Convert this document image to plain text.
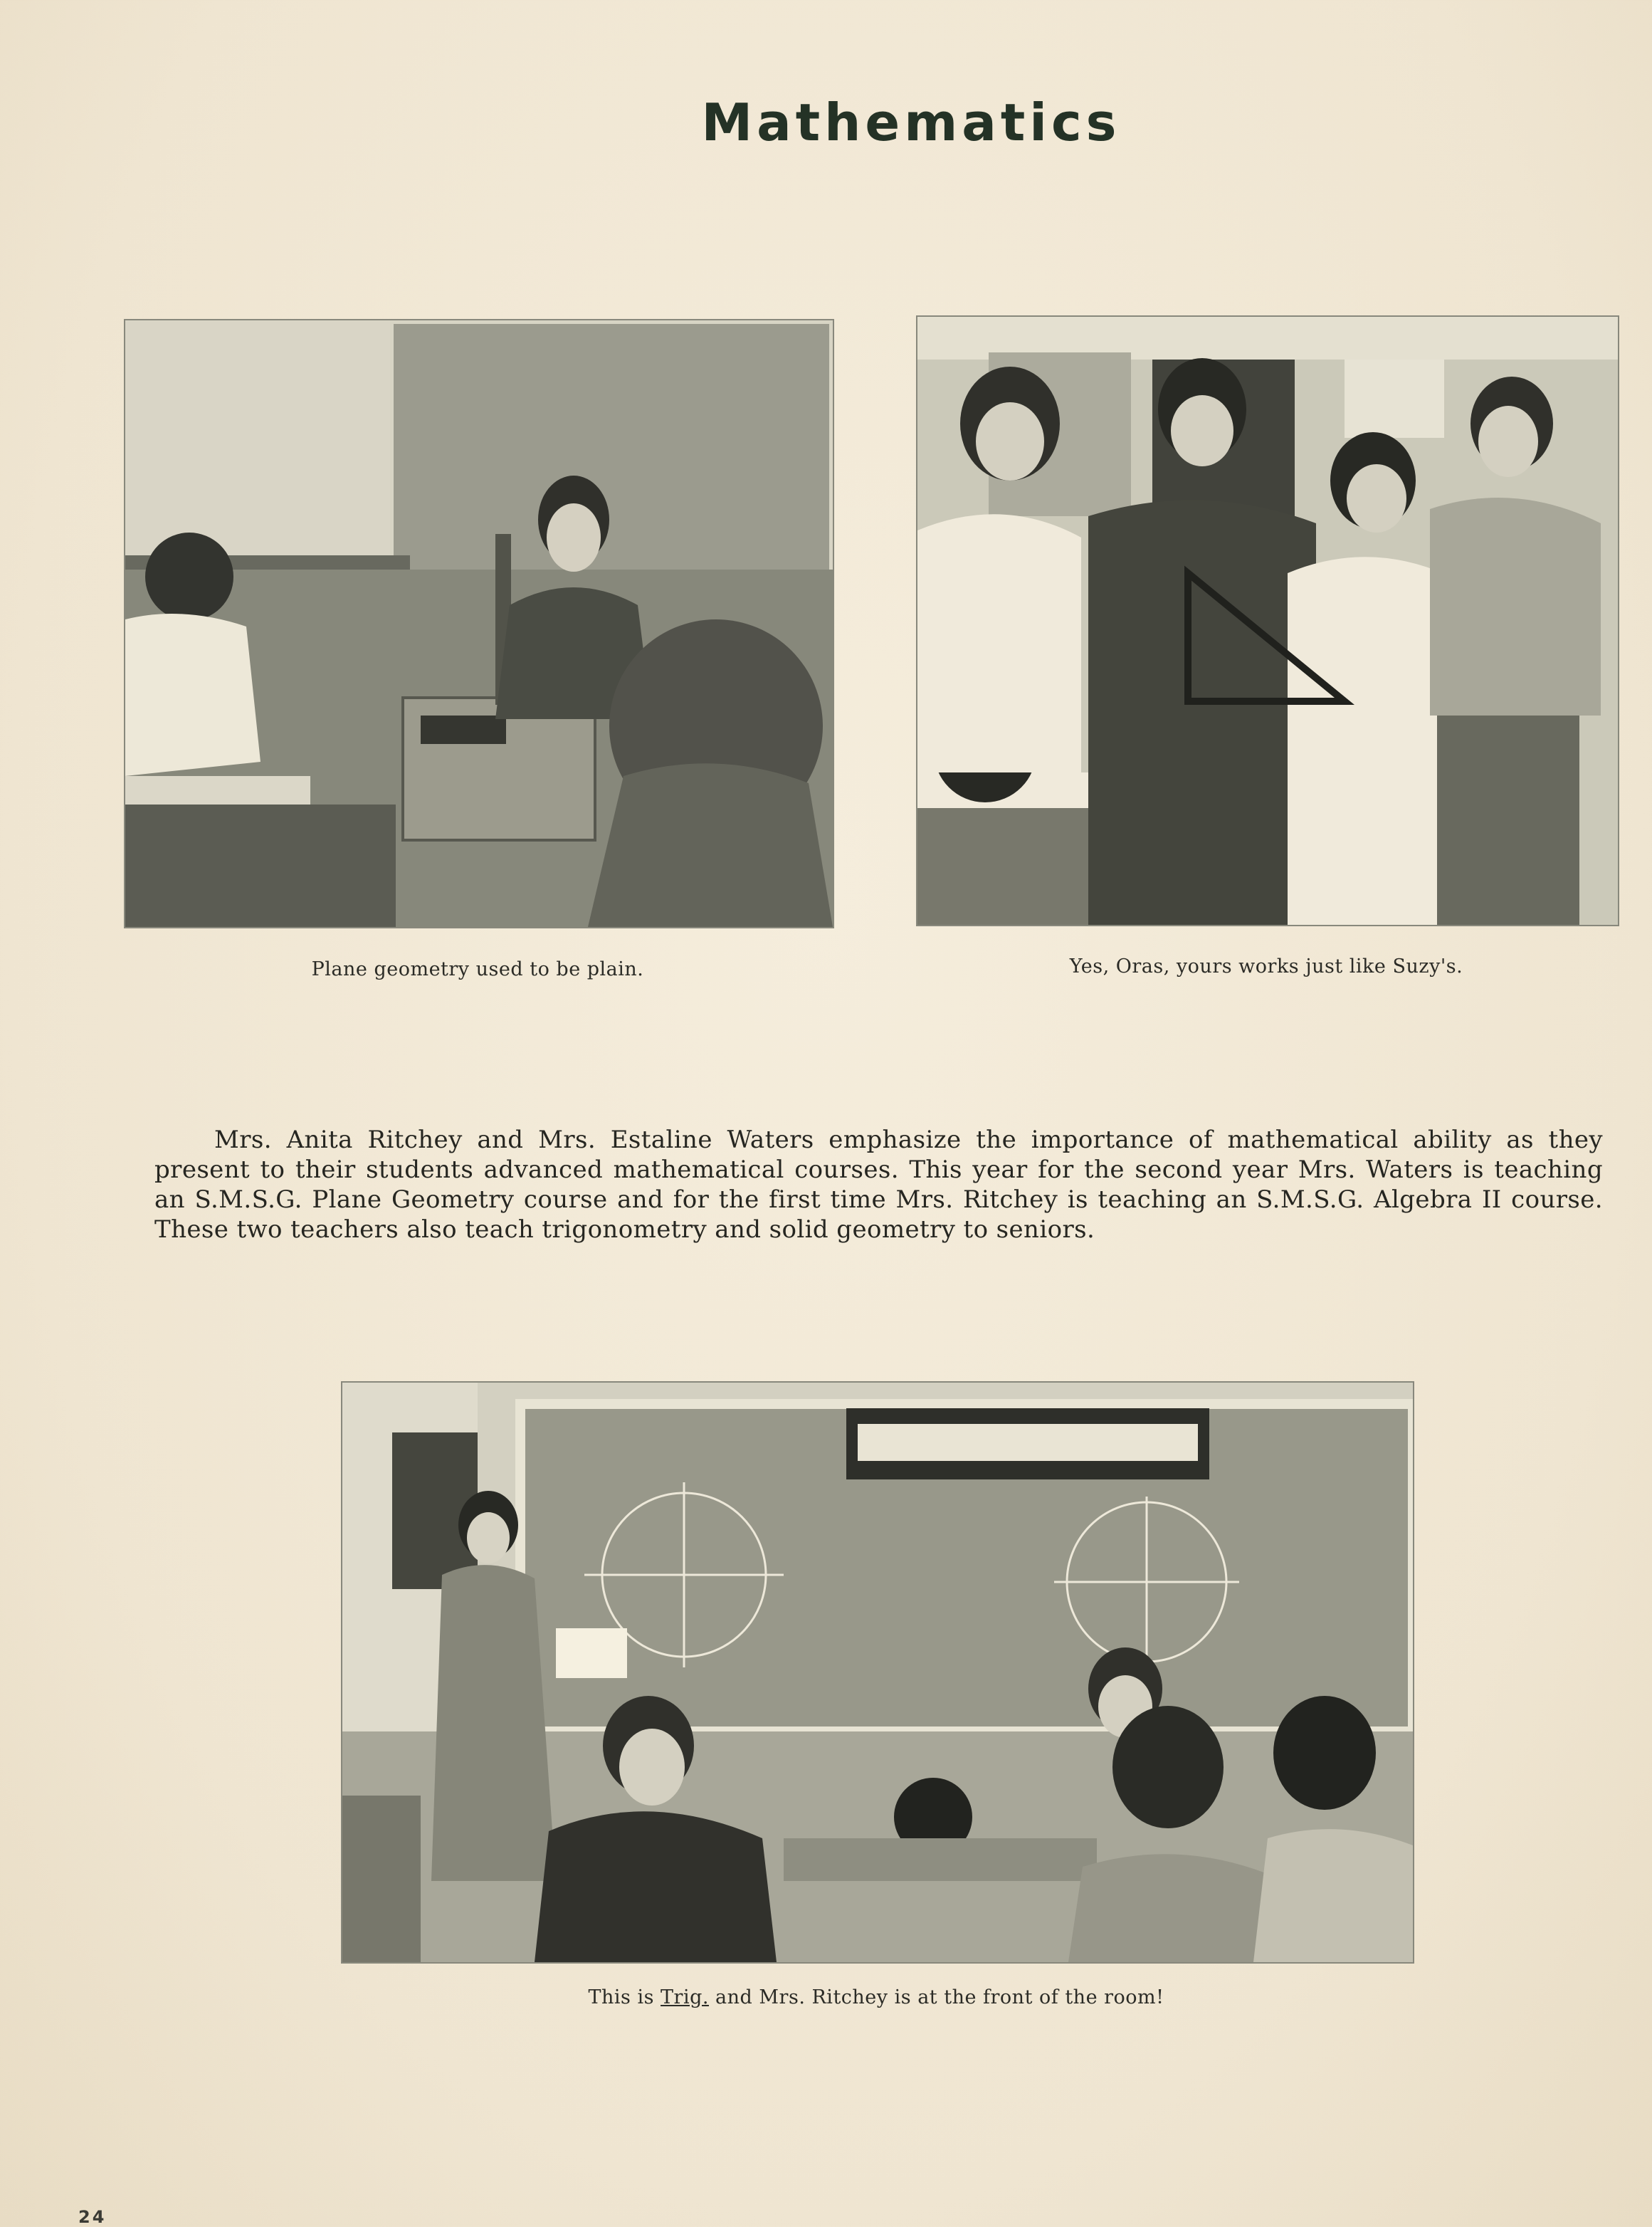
Mathematics
Plane geometry used to be plain.	Yes, Oras, yours works just like Suzy's.
Mrs. Anita Ritchey and Mrs. Estaline Waters emphasize the importance of mathematical ability as they present to their students advanced mathematical courses. This year for the second year Mrs. Waters is teaching an S.M.S.G. Plane Geometry course and for the first time Mrs. Ritchey is teaching an S.M.S.G. Algebra II course. These two teachers also teach trigonometry and solid geometry to seniors.
This is Trig. and Mrs. Ritchey is at the front of the room!
24
